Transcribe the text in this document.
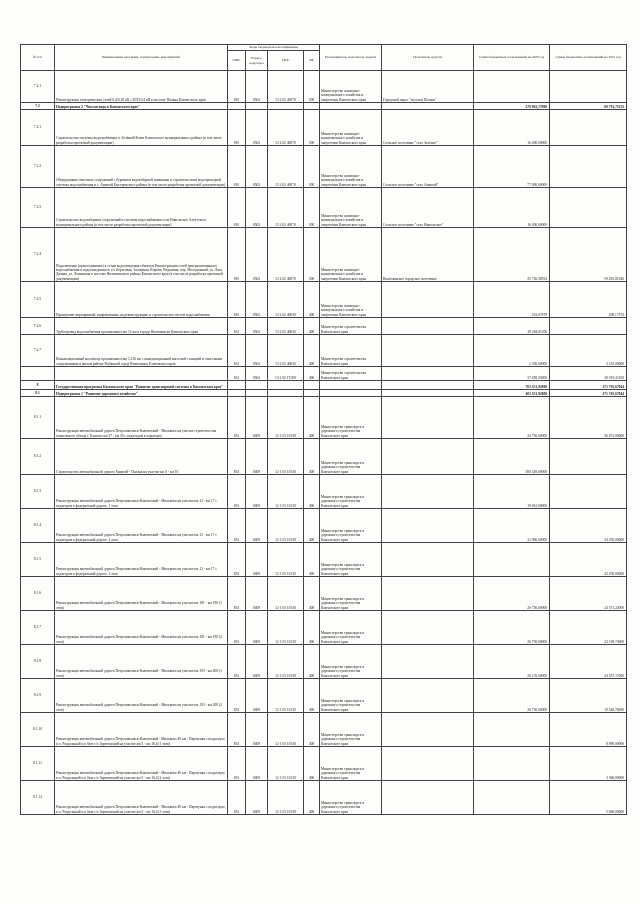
№ п/п	Наименование программ, подпрограмм, мероприятий	Коды бюджетной классификации				Распорядитель, получатель средств	Получатель средств	Сумма бюджетных ассигнований на 2020 год	Сумма бюджетных ассигнований на 2021 год
		ГРБС	Раздел, подраздел	ЦСР	ВР				
7.2.1	Реконструкция электрических сетей 0,4/0,38 кВ с КТП 0,4 кВ в поселке Палана Камчатского края	810	0502	13 2 02 40070	500	Министерство жилищно-коммунального хозяйства и энергетики Камчатского края	Городской округ "поселок Палана"		
7.2	Подпрограмма 2 "Чистая вода в Камчатском крае"							270 863,17000	80 791,75135
7.2.1	Строительство системы водоснабжения п. Зелёный Ключ Елизовского муниципального района (в том числе разработка проектной документации)	810	0502	13 2 02 40070	500	Министерство жилищно-коммунального хозяйства и энергетики Камчатского края	Сельское поселение "село Зелёное"	16 400,00000	
7.2.2	Оборудование очистных сооружений с бурением водозаборной скважины и строительством водопроводной системы водоснабжения в с. Анавгай Быстринского района (в том числе разработка проектной документации)	810	0502	13 2 02 40070	500	Министерство жилищно-коммунального хозяйства и энергетики Камчатского края	Сельское поселение "село Анавгай"	77 000,00000	
7.2.3	Строительство водозаборных сооружений и системы водоснабжения села Никольское Алеутского муниципального района (в том числе разработка проектной документации)	810	0502	13 2 02 40070	500	Министерство жилищно-коммунального хозяйства и энергетики Камчатского края	Сельское поселение "село Никольское"	16 400,00000	
7.2.4	Подключение (присоединение) к сетям водоотведения объектов Реконструкция сетей централизованного водоснабжения и водоотведения по ул. Береговая, Заозерная, Кирова, Ведьмина, пер. Молодежный, ул. Лазо, Дачная, ул. Ленинская в поселке Вилючинского района Камчатского края (в том числе разработка проектной документации)	810	0502	13 2 02 40070	500	Министерство жилищно-коммунального хозяйства и энергетики Камчатского края	Вилючинское городское поселение	25 736,38554	59 281,81626
7.2.5	Проведение мероприятий, направленных на реконструкцию и строительство систем водоснабжения	810	0502	13 2 02 40030	400	Министерство жилищно-коммунального хозяйства и энергетики Камчатского края		233,67678	208,17574
7.2.6	Трубопровод водоснабжения протяженностью 12 км в городе Вилючинске Камчатского края	812	0502	13 2 02 40030	400	Министерство строительства Камчатского края		39 264,81106	
7.2.7	Канализационный коллектор протяженностью 1,216 км с канализационной насосной станцией и очистными сооружениями в жилом районе Рыбацкий город Вилючинск Елизовского края	812	0502	13 2 02 40030	400	Министерство строительства Камчатского края		1 350,00000	3 145,00000
		812	0502	13 2 02 Г1050	400	Министерство строительства Камчатского края		37 458,33000	20 919,21100
8	Государственная программа Камчатского края "Развитие транспортной системы в Камчатском крае"							703 351,92000	271 765,67044
8.1	Подпрограмма 1 "Развитие дорожного хозяйства"							403 351,92000	271 765,67044
8.1.1	Реконструкция автомобильной дороги Петропавловск-Камчатский - Мильково на участке строительства тоннельного обхода г. Елизово км 27 - км 30 с подъездом к аэропорту	833	0409	12 1 03 10130	400	Министерство транспорта и дорожного строительства Камчатского края		24 750,00000	36 073,00000
8.1.2	Строительство автомобильной дороги Анавгай - Палана на участке км 0 - км 16	833	0409	12 1 03 10130	400	Министерство транспорта и дорожного строительства Камчатского края		300 549,00000	
8.1.3	Реконструкция автомобильной дороги Петропавловск-Камчатский - Мильково на участке км 12 - км 17 с подъездом к федеральной дороге, 1 этап	833	0409	12 1 03 10130	400	Министерство транспорта и дорожного строительства Камчатского края		19 061,00000	
8.1.4	Реконструкция автомобильной дороги Петропавловск-Камчатский - Мильково на участке км 12 - км 17 с подъездом к федеральной дороге, 2 этап	833	0409	12 1 03 10130	400	Министерство транспорта и дорожного строительства Камчатского края		31 900,00000	34 250,00000
8.1.5	Реконструкция автомобильной дороги Петропавловск-Камчатский - Мильково на участке км 12 - км 17 с подъездом к федеральной дороге, 3 этап	833	0409	12 1 03 10130	400	Министерство транспорта и дорожного строительства Камчатского края			42 250,00000
8.1.6	Реконструкция автомобильной дороги Петропавловск-Камчатский - Мильково на участке км 181 - км 190 (1 этап)	833	0409	12 1 03 10130	400	Министерство транспорта и дорожного строительства Камчатского края		26 750,00000	24 571,22000
8.1.7	Реконструкция автомобильной дороги Петропавловск-Камчатский - Мильково на участке км 181 - км 190 (2 этап)	833	0409	12 1 03 10130	400	Министерство транспорта и дорожного строительства Камчатского края		26 750,00000	22 109,74000
8.1.8	Реконструкция автомобильной дороги Петропавловск-Камчатский - Мильково на участке км 193 - км 208 (1 этап)	833	0409	12 1 03 10130	400	Министерство транспорта и дорожного строительства Камчатского края		26 135,00000	24 557,17000
8.1.9	Реконструкция автомобильной дороги Петропавловск-Камчатский - Мильково на участке км 193 - км 208 (2 этап)	833	0409	12 1 03 10130	400	Министерство транспорта и дорожного строительства Камчатского края		26 750,00000	19 546,76000
8.1.10	Реконструкция автомобильной дороги Петропавловск-Камчатский - Мильково 40 км - Паратунка с подъездом к п. Раздольный и к базе с/х Зареченский на участке км 5 - км 16,4 (1 этап)	833	0409	12 1 03 10130	400	Министерство транспорта и дорожного строительства Камчатского края			8 890,00000
8.1.11	Реконструкция автомобильной дороги Петропавловск-Камчатский - Мильково 40 км - Паратунка с подъездом к п. Раздольный и к базе с/х Зареченский на участке км 5 - км 16,4 (2 этап)	833	0409	12 1 03 10130	400	Министерство транспорта и дорожного строительства Камчатского края			3 360,00000
8.1.12	Реконструкция автомобильной дороги Петропавловск-Камчатский - Мильково 40 км - Паратунка с подъездом к п. Раздольный и к базе с/х Зареченский на участке км 5 - км 16,4 (3 этап)	833	0409	12 1 03 10130	400	Министерство транспорта и дорожного строительства Камчатского края			5 660,00000
